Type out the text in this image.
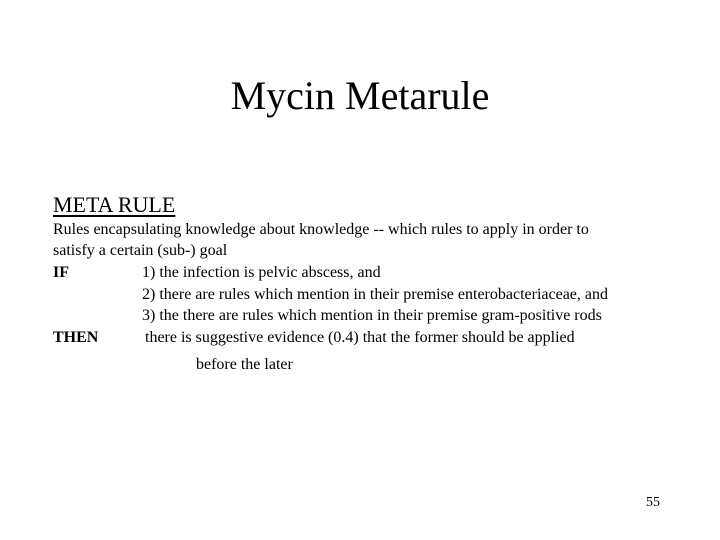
Mycin Metarule
META RULE
Rules encapsulating knowledge about knowledge -- which rules to apply in order to
satisfy a certain (sub-) goal
IF	1) the infection is pelvic abscess, and
2) there are rules which mention in their premise enterobacteriaceae, and
3) the there are rules which mention in their premise gram-positive rods
THEN	there is suggestive evidence (0.4) that the former should be applied
before the later
55
